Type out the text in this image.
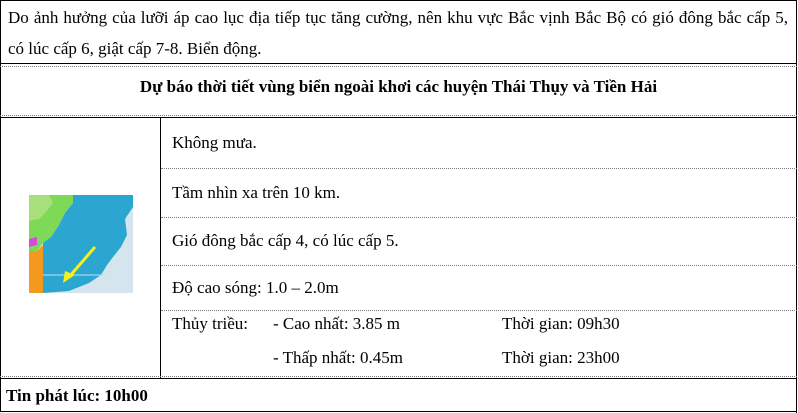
Do ảnh hưởng của lưỡi áp cao lục địa tiếp tục tăng cường, nên khu vực Bắc vịnh Bắc Bộ có gió đông bắc cấp 5, có lúc cấp 6, giật cấp 7-8. Biển động.
Dự báo thời tiết vùng biển ngoài khơi các huyện Thái Thụy và Tiền Hải
Không mưa.
Tầm nhìn xa trên 10 km.
Gió đông bắc cấp 4, có lúc cấp 5.
Độ cao sóng: 1.0 – 2.0m
Thủy triều: - Cao nhất: 3.85 m	Thời gian: 09h30
- Thấp nhất: 0.45m	Thời gian: 23h00
Tin phát lúc: 10h00
